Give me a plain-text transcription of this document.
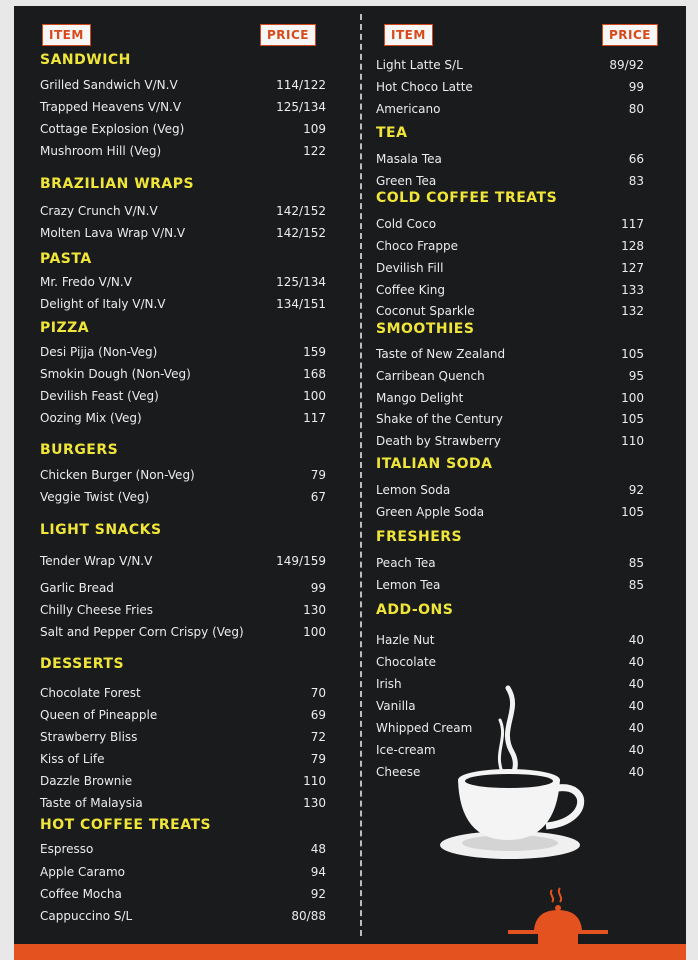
ITEM	PRICE
SANDWICH
Grilled Sandwich V/N.V	114/122
Trapped Heavens V/N.V	125/134
Cottage Explosion (Veg)	109
Mushroom Hill (Veg)	122
BRAZILIAN WRAPS
Crazy Crunch V/N.V	142/152
Molten Lava Wrap V/N.V	142/152
PASTA
Mr. Fredo V/N.V	125/134
Delight of Italy V/N.V	134/151
PIZZA
Desi Pijja (Non-Veg)	159
Smokin Dough (Non-Veg)	168
Devilish Feast (Veg)	100
Oozing Mix (Veg)	117
BURGERS
Chicken Burger (Non-Veg)	79
Veggie Twist (Veg)	67
LIGHT SNACKS
Tender Wrap V/N.V	149/159
Garlic Bread	99
Chilly Cheese Fries	130
Salt and Pepper Corn Crispy (Veg)	100
DESSERTS
Chocolate Forest	70
Queen of Pineapple	69
Strawberry Bliss	72
Kiss of Life	79
Dazzle Brownie	110
Taste of Malaysia	130
HOT COFFEE TREATS
Espresso	48
Apple Caramo	94
Coffee Mocha	92
Cappuccino S/L	80/88
ITEM	PRICE
Light Latte S/L	89/92
Hot Choco Latte	99
Americano	80
TEA
Masala Tea	66
Green Tea	83
COLD COFFEE TREATS
Cold Coco	117
Choco Frappe	128
Devilish Fill	127
Coffee King	133
Coconut Sparkle	132
SMOOTHIES
Taste of New Zealand	105
Carribean Quench	95
Mango Delight	100
Shake of the Century	105
Death by Strawberry	110
ITALIAN SODA
Lemon Soda	92
Green Apple Soda	105
FRESHERS
Peach Tea	85
Lemon Tea	85
ADD-ONS
Hazle Nut	40
Chocolate	40
Irish	40
Vanilla	40
Whipped Cream	40
Ice-cream	40
Cheese	40
